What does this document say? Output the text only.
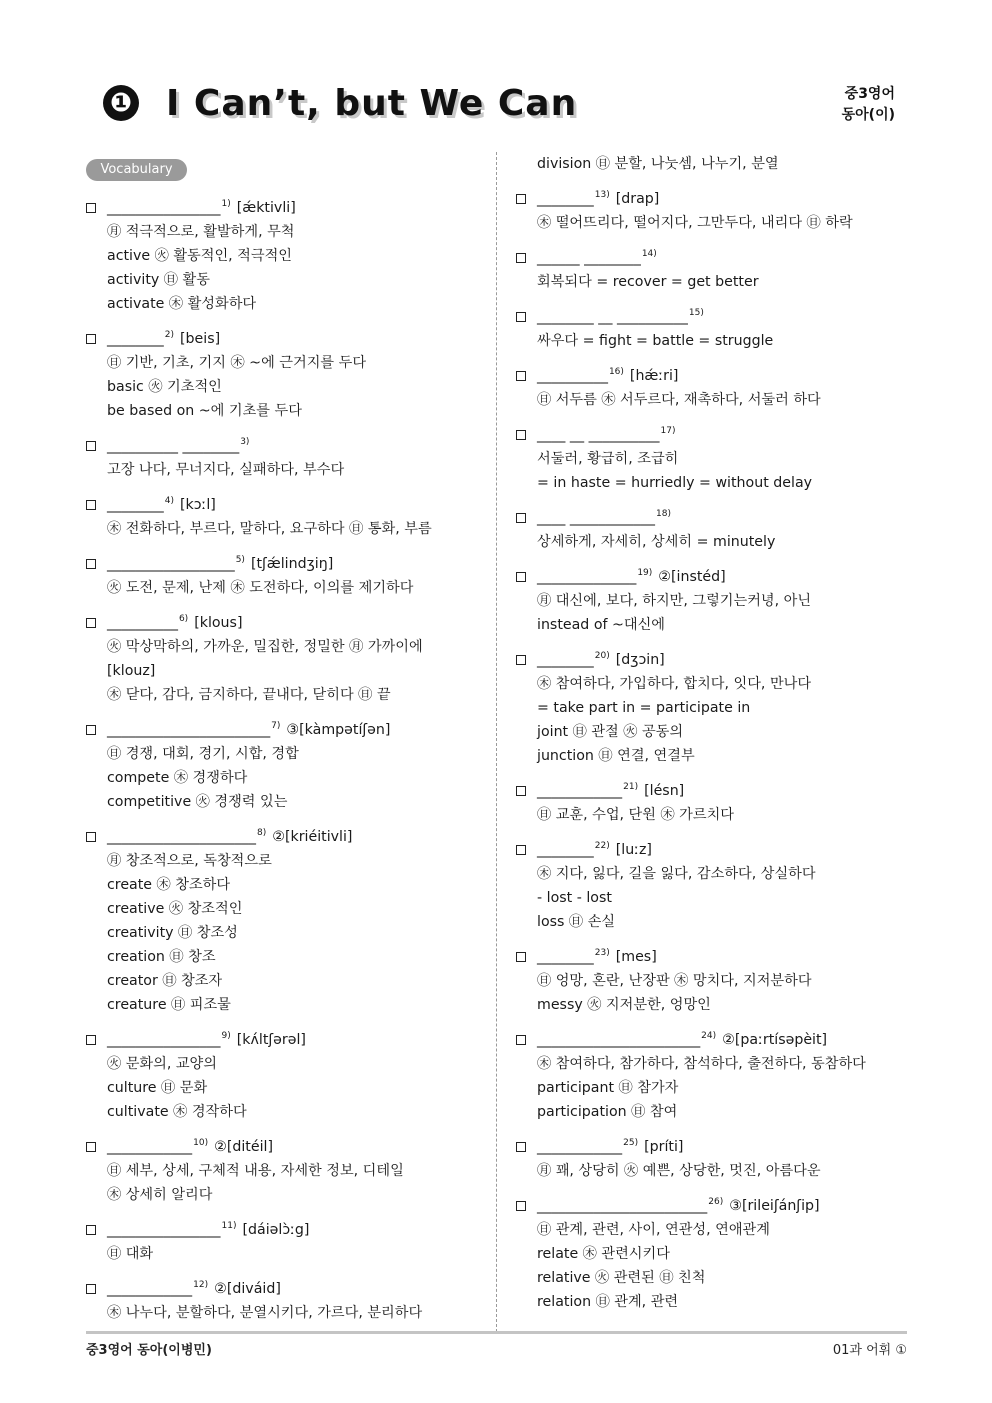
❶ I Can’t, but We Can	중3영어
동아(이)
Vocabulary
________________$^{1)}$ [ǽktivli]
㊊ 적극적으로, 활발하게, 무척
active ㊋ 활동적인, 적극적인
activity ㊐ 활동
activate ㊍ 활성화하다
________$^{2)}$ [beis]
㊐ 기반, 기초, 기지 ㊍ ~에 근거지를 두다
basic ㊋ 기초적인
be based on ~에 기초를 두다
__________ ________$^{3)}$
고장 나다, 무너지다, 실패하다, 부수다
________$^{4)}$ [kɔːl]
㊍ 전화하다, 부르다, 말하다, 요구하다 ㊐ 통화, 부름
__________________$^{5)}$ [tʃǽlindʒiŋ]
㊋ 도전, 문제, 난제 ㊍ 도전하다, 이의를 제기하다
__________$^{6)}$ [klous]
㊋ 막상막하의, 가까운, 밀집한, 정밀한 ㊊ 가까이에
[klouz]
㊍ 닫다, 감다, 금지하다, 끝내다, 닫히다 ㊐ 끝
_______________________$^{7)}$ ③[kàmpətíʃən]
㊐ 경쟁, 대회, 경기, 시합, 경합
compete ㊍ 경쟁하다
competitive ㊋ 경쟁력 있는
_____________________$^{8)}$ ②[kriéitivli]
㊊ 창조적으로, 독창적으로
create ㊍ 창조하다
creative ㊋ 창조적인
creativity ㊐ 창조성
creation ㊐ 창조
creator ㊐ 창조자
creature ㊐ 피조물
________________$^{9)}$ [kʌ́ltʃərəl]
㊋ 문화의, 교양의
culture ㊐ 문화
cultivate ㊍ 경작하다
____________$^{10)}$ ②[ditéil]
㊐ 세부, 상세, 구체적 내용, 자세한 정보, 디테일
㊍ 상세히 알리다
________________$^{11)}$ [dáiəlɔ̀ːg]
㊐ 대화
____________$^{12)}$ ②[diváid]
㊍ 나누다, 분할하다, 분열시키다, 가르다, 분리하다
division ㊐ 분할, 나눗셈, 나누기, 분열
________$^{13)}$ [drap]
㊍ 떨어뜨리다, 떨어지다, 그만두다, 내리다 ㊐ 하락
______ ________$^{14)}$
회복되다 = recover = get better
________ __ __________$^{15)}$
싸우다 = fight = battle = struggle
__________$^{16)}$ [hǽːri]
㊐ 서두름 ㊍ 서두르다, 재촉하다, 서둘러 하다
____ __ __________$^{17)}$
서둘러, 황급히, 조급히
= in haste = hurriedly = without delay
____ ____________$^{18)}$
상세하게, 자세히, 상세히 = minutely
______________$^{19)}$ ②[instéd]
㊊ 대신에, 보다, 하지만, 그렇기는커녕, 아닌
instead of ~대신에
________$^{20)}$ [dʒɔin]
㊍ 참여하다, 가입하다, 합치다, 잇다, 만나다
= take part in = participate in
joint ㊐ 관절 ㊋ 공동의
junction ㊐ 연결, 연결부
____________$^{21)}$ [lésn]
㊐ 교훈, 수업, 단원 ㊍ 가르치다
________$^{22)}$ [luːz]
㊍ 지다, 잃다, 길을 잃다, 감소하다, 상실하다
- lost - lost
loss ㊐ 손실
________$^{23)}$ [mes]
㊐ 엉망, 혼란, 난장판 ㊍ 망치다, 지저분하다
messy ㊋ 지저분한, 엉망인
_______________________$^{24)}$ ②[paːrtísəpèit]
㊍ 참여하다, 참가하다, 참석하다, 출전하다, 동참하다
participant ㊐ 참가자
participation ㊐ 참여
____________$^{25)}$ [príti]
㊊ 꽤, 상당히 ㊋ 예쁜, 상당한, 멋진, 아름다운
________________________$^{26)}$ ③[rileiʃánʃip]
㊐ 관계, 관련, 사이, 연관성, 연애관계
relate ㊍ 관련시키다
relative ㊋ 관련된 ㊐ 친척
relation ㊐ 관계, 관련
중3영어 동아(이병민)	01과 어휘 ①
